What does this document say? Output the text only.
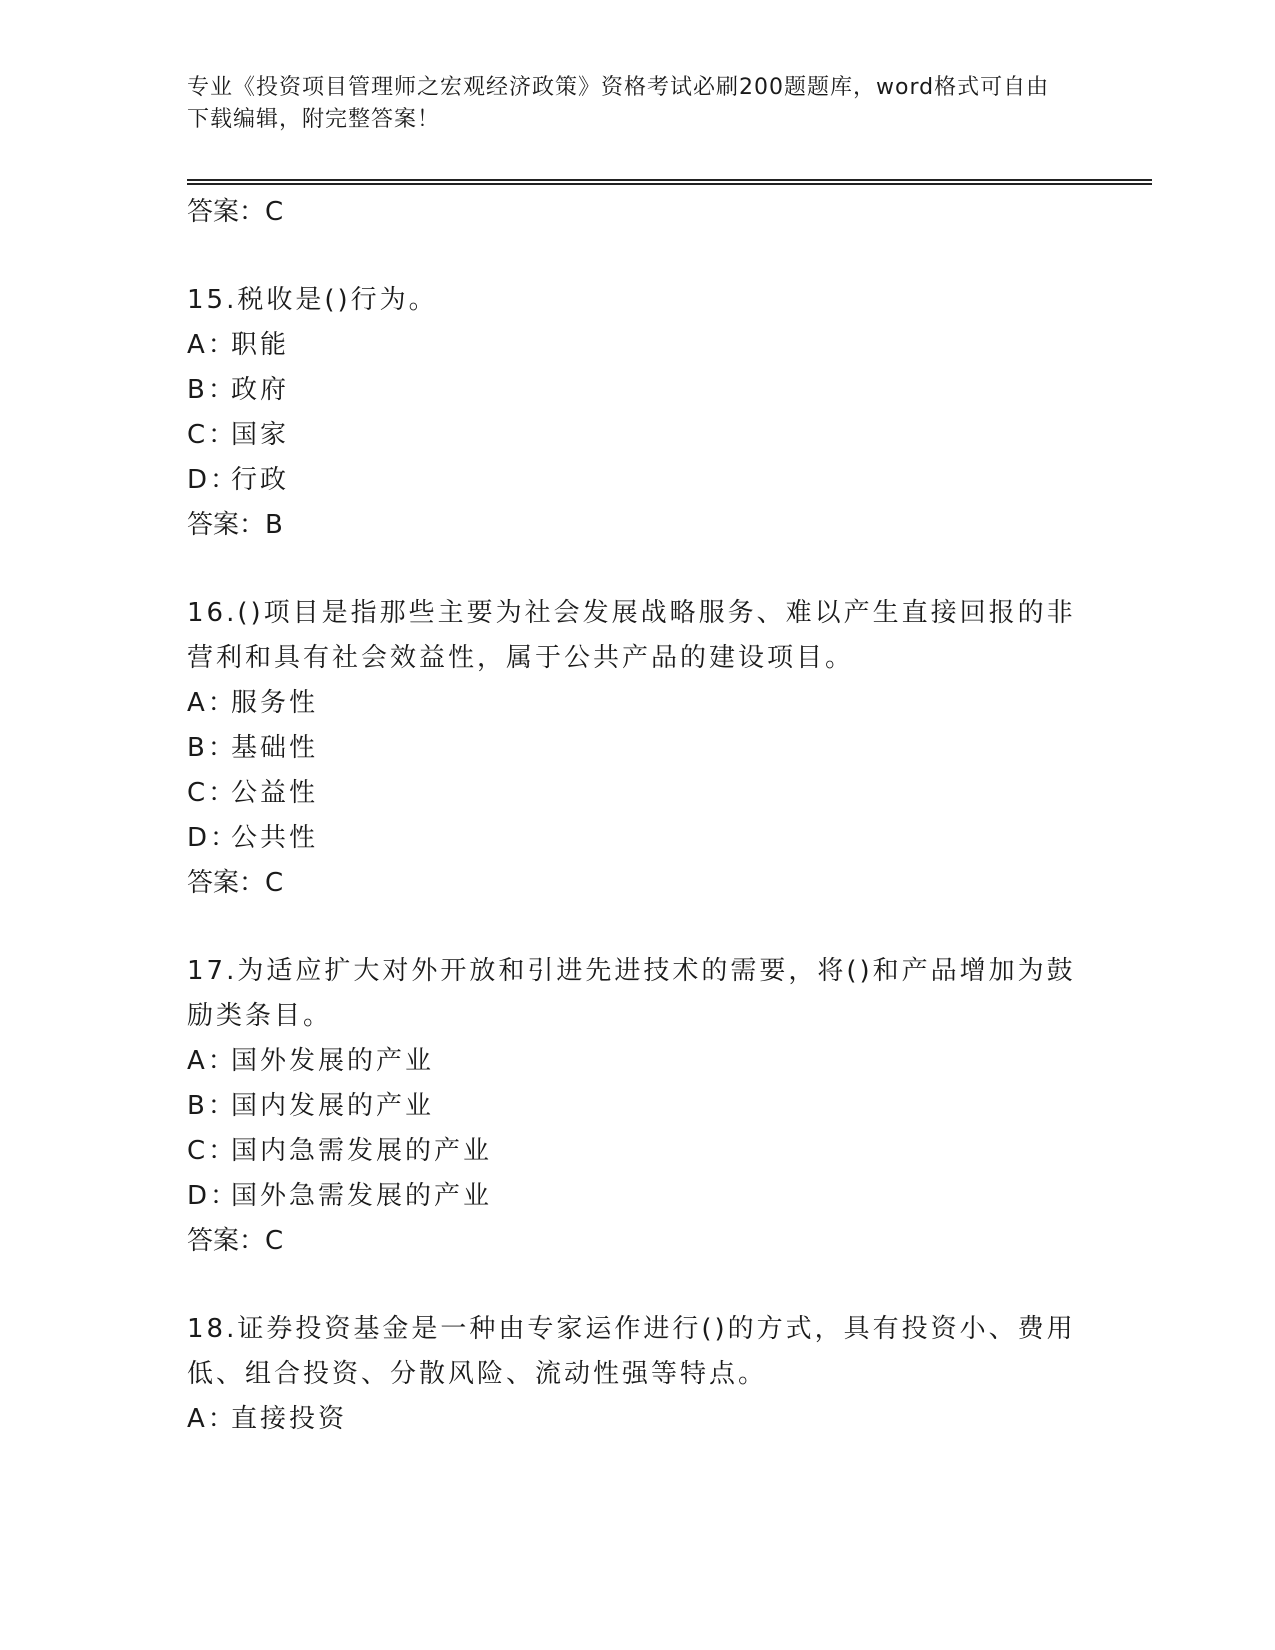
专业《投资项目管理师之宏观经济政策》资格考试必刷200题题库，word格式可自由下载编辑，附完整答案！
答案：C
15.税收是()行为。
A：职能
B：政府
C：国家
D：行政
答案：B
16.()项目是指那些主要为社会发展战略服务、难以产生直接回报的非营利和具有社会效益性，属于公共产品的建设项目。
A：服务性
B：基础性
C：公益性
D：公共性
答案：C
17.为适应扩大对外开放和引进先进技术的需要，将()和产品增加为鼓励类条目。
A：国外发展的产业
B：国内发展的产业
C：国内急需发展的产业
D：国外急需发展的产业
答案：C
18.证券投资基金是一种由专家运作进行()的方式，具有投资小、费用低、组合投资、分散风险、流动性强等特点。
A：直接投资
